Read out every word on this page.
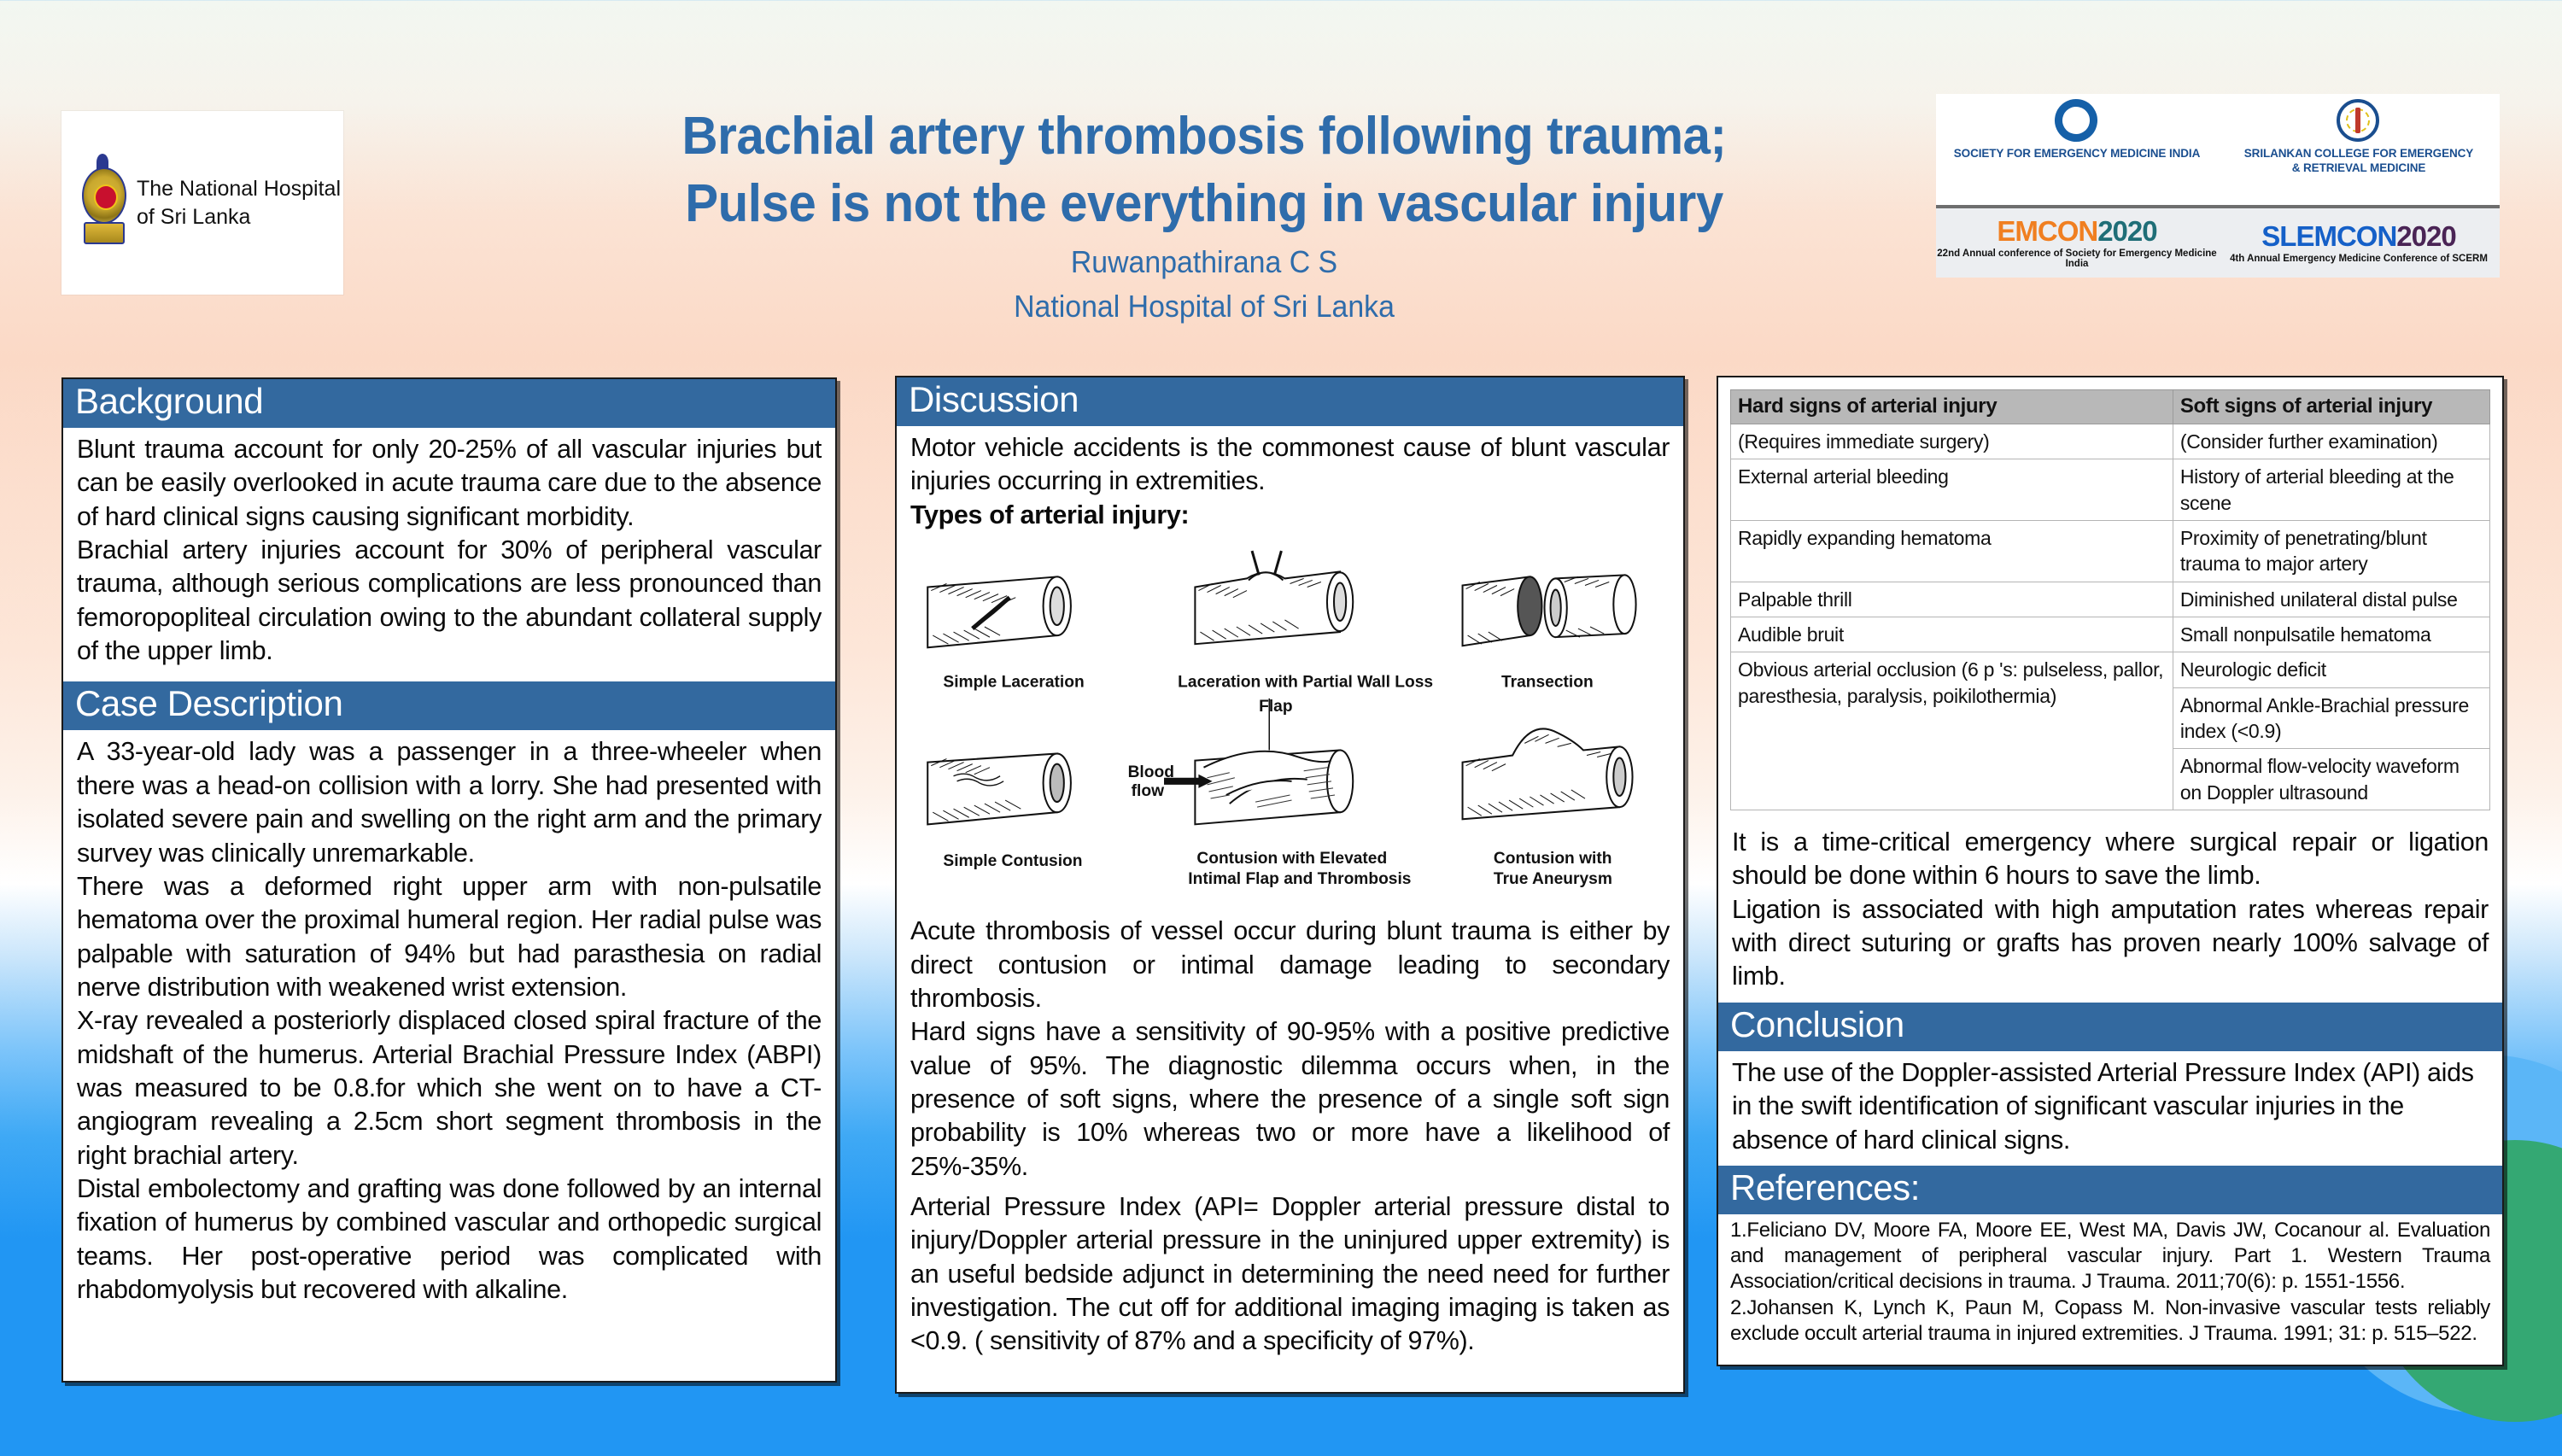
The National Hospital
of Sri Lanka
Brachial artery thrombosis following trauma;
Pulse is not the everything in vascular injury
Ruwanpathirana C S
National Hospital of Sri Lanka
SOCIETY FOR EMERGENCY MEDICINE INDIA	SRILANKAN COLLEGE FOR EMERGENCY
& RETRIEVAL MEDICINE
EMCON2020
22nd Annual conference of Society for Emergency Medicine India
SLEMCON2020
4th Annual Emergency Medicine Conference of SCERM
Background

Blunt trauma account for only 20-25% of all vascular injuries but can be easily overlooked in acute trauma care due to the absence of hard clinical signs causing significant morbidity.

Brachial artery injuries account for 30% of peripheral vascular trauma, although serious complications are less pronounced than femoropopliteal circulation owing to the abundant collateral supply of the upper limb.

Case Description

A 33-year-old lady was a passenger in a three-wheeler when there was a head-on collision with a lorry. She had presented with isolated severe pain and swelling on the right arm and the primary survey was clinically unremarkable.

There was a deformed right upper arm with non-pulsatile hematoma over the proximal humeral region. Her radial pulse was palpable with saturation of 94% but had parasthesia on radial nerve distribution with weakened wrist extension.

X-ray revealed a posteriorly displaced closed spiral fracture of the midshaft of the humerus. Arterial Brachial Pressure Index (ABPI) was measured to be 0.8.for which she went on to have a CT-angiogram revealing a 2.5cm short segment thrombosis in the right brachial artery.

Distal embolectomy and grafting was done followed by an internal fixation of humerus by combined vascular and orthopedic surgical teams. Her post-operative period was complicated with rhabdomyolysis but recovered with alkaline.

Discussion

Motor vehicle accidents is the commonest cause of blunt vascular injuries occurring in extremities.

Types of arterial injury:

Simple Laceration	Laceration with Partial Wall Loss	Transection
Simple Contusion
Flap
Blood
flow
Contusion with Elevated
Intimal Flap and Thrombosis
Contusion with
True Aneurysm

Acute thrombosis of vessel occur during blunt trauma is either by direct contusion or intimal damage leading to secondary thrombosis.

Hard signs have a sensitivity of 90-95% with a positive predictive value of 95%. The diagnostic dilemma occurs when, in the presence of soft signs, where the presence of a single soft sign probability is 10% whereas two or more have a likelihood of 25%-35%.

Arterial Pressure Index (API= Doppler arterial pressure distal to injury/Doppler arterial pressure in the uninjured upper extremity) is an useful bedside adjunct in determining the need need for further investigation. The cut off for additional imaging imaging is taken as <0.9. ( sensitivity of 87% and a specificity of 97%).

Hard signs of arterial injury	Soft signs of arterial injury
(Requires immediate surgery)	(Consider further examination)
External arterial bleeding	History of arterial bleeding at the scene
Rapidly expanding hematoma	Proximity of penetrating/blunt trauma to major artery
Palpable thrill	Diminished unilateral distal pulse
Audible bruit	Small nonpulsatile hematoma
Obvious arterial occlusion (6 p 's: pulseless, pallor, paresthesia, paralysis, poikilothermia)	Neurologic deficit
	Abnormal Ankle-Brachial pressure index (<0.9)
	Abnormal flow-velocity waveform on Doppler ultrasound

It is a time-critical emergency where surgical repair or ligation should be done within 6 hours to save the limb.

Ligation is associated with high amputation rates whereas repair with direct suturing or grafts has proven nearly 100% salvage of limb.

Conclusion

The use of the Doppler-assisted Arterial Pressure Index (API) aids in the swift identification of significant vascular injuries in the absence of hard clinical signs.

References:

1.Feliciano DV, Moore FA, Moore EE, West MA, Davis JW, Cocanour al. Evaluation and management of peripheral vascular injury. Part 1. Western Trauma Association/critical decisions in trauma. J Trauma. 2011;70(6): p. 1551-1556.

2.Johansen K, Lynch K, Paun M, Copass M. Non-invasive vascular tests reliably exclude occult arterial trauma in injured extremities. J Trauma. 1991; 31: p. 515–522.
